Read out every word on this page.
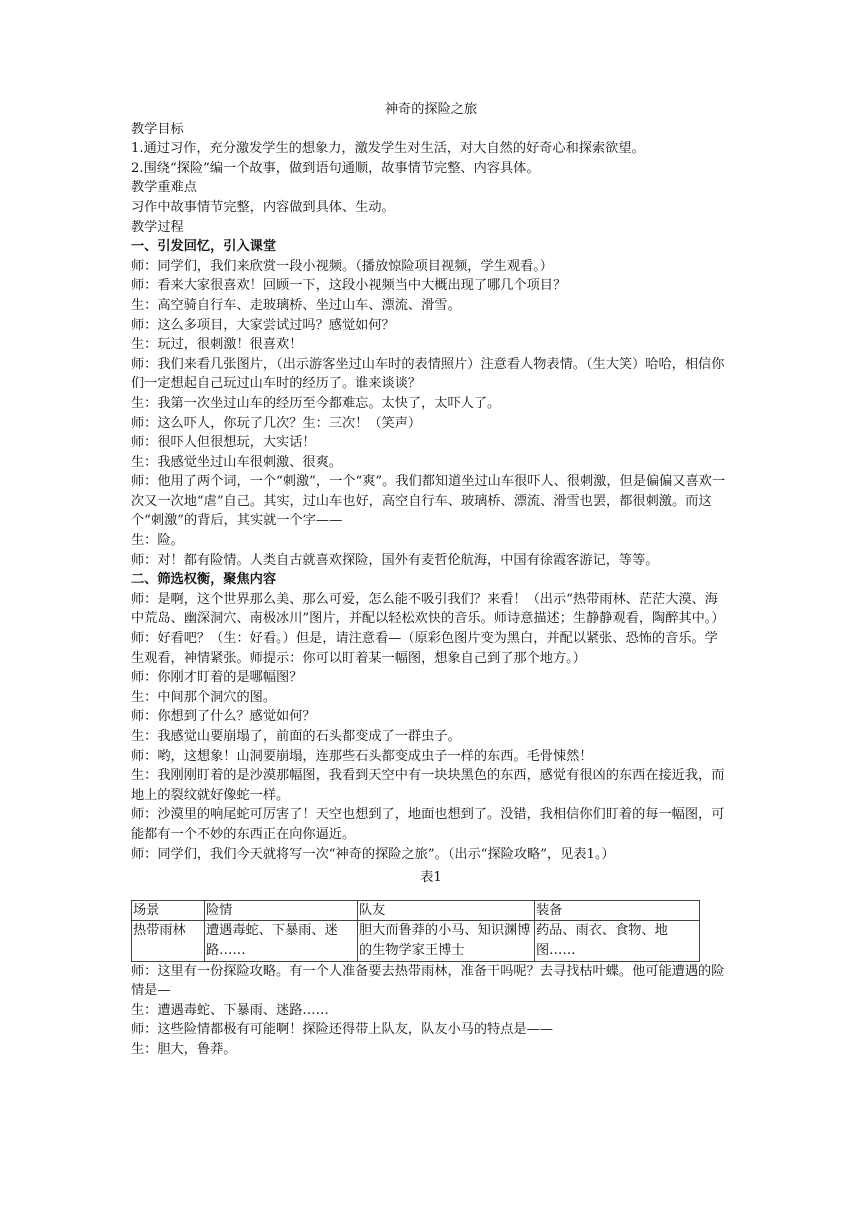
神奇的探险之旅

教学目标

1.通过习作，充分激发学生的想象力，激发学生对生活，对大自然的好奇心和探索欲望。

2.围绕“探险”编一个故事，做到语句通顺，故事情节完整、内容具体。

教学重难点

习作中故事情节完整，内容做到具体、生动。

教学过程

一、引发回忆，引入课堂

师：同学们，我们来欣赏一段小视频。（播放惊险项目视频，学生观看。）

师：看来大家很喜欢！回顾一下，这段小视频当中大概出现了哪几个项目？

生：高空骑自行车、走玻璃桥、坐过山车、漂流、滑雪。

师：这么多项目，大家尝试过吗？感觉如何？

生：玩过，很刺激！很喜欢！

师：我们来看几张图片，（出示游客坐过山车时的表情照片）注意看人物表情。（生大笑）哈哈，相信你们一定想起自己玩过山车时的经历了。谁来谈谈？

生：我第一次坐过山车的经历至今都难忘。太快了，太吓人了。

师：这么吓人，你玩了几次？生：三次！（笑声）

师：很吓人但很想玩，大实话！

生：我感觉坐过山车很刺激、很爽。

师：他用了两个词，一个“刺激”，一个“爽”。我们都知道坐过山车很吓人、很刺激，但是偏偏又喜欢一次又一次地“虐”自己。其实，过山车也好，高空自行车、玻璃桥、漂流、滑雪也罢，都很刺激。而这个“刺激”的背后，其实就一个字——

生：险。

师：对！都有险情。人类自古就喜欢探险，国外有麦哲伦航海，中国有徐霞客游记，等等。

二、筛选权衡，聚焦内容

师：是啊，这个世界那么美、那么可爱，怎么能不吸引我们？来看！（出示“热带雨林、茫茫大漠、海中荒岛、幽深洞穴、南极冰川”图片，并配以轻松欢快的音乐。师诗意描述；生静静观看，陶醉其中。）

师：好看吧？（生：好看。）但是，请注意看—（原彩色图片变为黑白，并配以紧张、恐怖的音乐。学生观看，神情紧张。师提示：你可以盯着某一幅图，想象自己到了那个地方。）

师：你刚才盯着的是哪幅图？

生：中间那个洞穴的图。

师：你想到了什么？感觉如何？

生：我感觉山要崩塌了，前面的石头都变成了一群虫子。

师：哟，这想象！山洞要崩塌，连那些石头都变成虫子一样的东西。毛骨悚然！

生：我刚刚盯着的是沙漠那幅图，我看到天空中有一块块黑色的东西，感觉有很凶的东西在接近我，而地上的裂纹就好像蛇一样。

师：沙漠里的响尾蛇可厉害了！天空也想到了，地面也想到了。没错，我相信你们盯着的每一幅图，可能都有一个不妙的东西正在向你逼近。

师：同学们，我们今天就将写一次“神奇的探险之旅”。（出示“探险攻略”，见表1。）

表1

场景	险情	队友	装备
热带雨林	遭遇毒蛇、下暴雨、迷路……	胆大而鲁莽的小马、知识渊博的生物学家王博士	药品、雨衣、食物、地图……

师：这里有一份探险攻略。有一个人准备要去热带雨林，准备干吗呢？去寻找枯叶蝶。他可能遭遇的险情是—

生：遭遇毒蛇、下暴雨、迷路……

师：这些险情都极有可能啊！探险还得带上队友，队友小马的特点是——

生：胆大，鲁莽。
